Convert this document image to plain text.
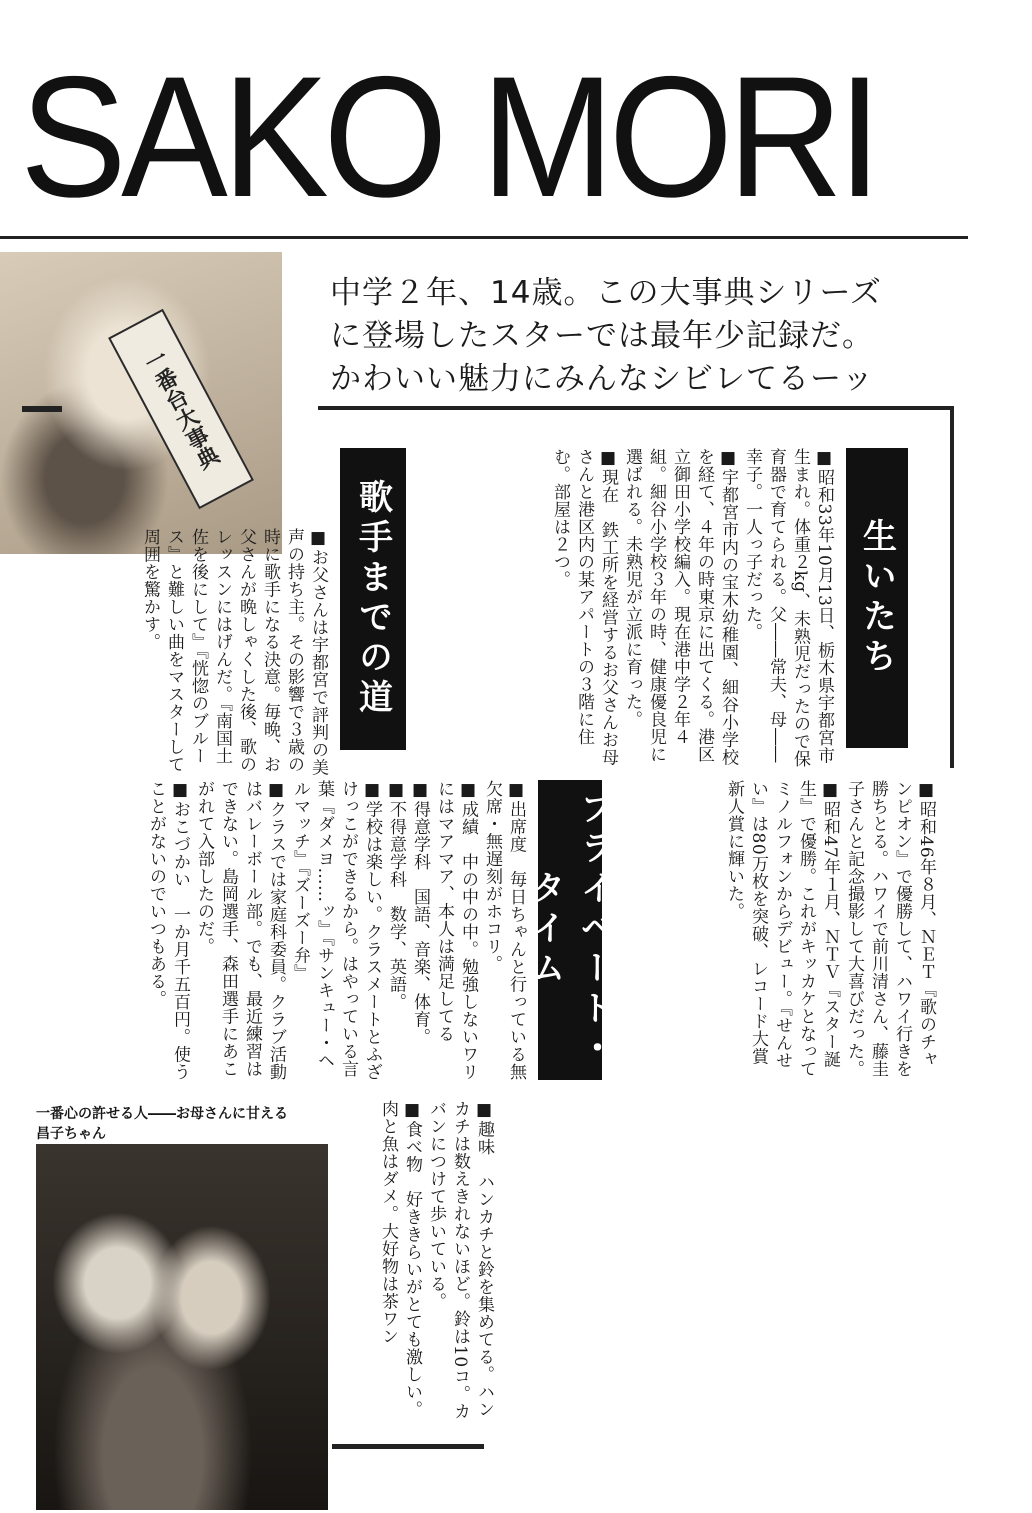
SAKO MORI
一番台大事典
中学２年、14歳。この大事典シリーズ
に登場したスターでは最年少記録だ。
かわいい魅力にみんなシビレてるーッ
生いたち

■昭和33年10月13日、栃木県宇都宮市生まれ。体重２kg、未熟児だったので保育器で育てられる。父――常夫、母――幸子。一人っ子だった。

■宇都宮市内の宝木幼稚園、細谷小学校を経て、４年の時東京に出てくる。港区立御田小学校編入。現在港中学２年４組。細谷小学校３年の時、健康優良児に選ばれる。未熟児が立派に育った。

■現在　鉄工所を経営するお父さんお母さんと港区内の某アパートの３階に住む。部屋は２つ。

歌手までの道

■お父さんは宇都宮で評判の美声の持ち主。その影響で３歳の時に歌手になる決意。毎晩、お父さんが晩しゃくした後、歌のレッスンにはげんだ。『南国土佐を後にして』『恍惚のブルース』と難しい曲をマスターして周囲を驚かす。

■昭和46年８月、ＮＥＴ『歌のチャンピオン』で優勝して、ハワイ行きを勝ちとる。ハワイで前川清さん、藤圭子さんと記念撮影して大喜びだった。

■昭和47年１月、ＮＴＶ『スター誕生』で優勝。これがキッカケとなってミノルフォンからデビュー。『せんせい』は80万枚を突破、レコード大賞新人賞に輝いた。

プライベート・タイム

■出席度　毎日ちゃんと行っている無欠席・無遅刻がホコリ。

■成績　中の中の中。勉強しないワリにはマアマア、本人は満足してる

■得意学科　国語、音楽、体育。

■不得意学科　数学、英語。

■学校は楽しい。クラスメートとふざけっこができるから。はやっている言葉『ダメヨ……ッ』『サンキュー・ヘルマッチ』『ズーズー弁』

■クラスでは家庭科委員。クラブ活動はバレーボール部。でも、最近練習はできない。島岡選手、森田選手にあこがれて入部したのだ。

■おこづかい　一か月千五百円。使うことがないのでいつもある。

一番心の許せる人――お母さんに甘える
昌子ちゃん	■趣味　ハンカチと鈴を集めてる。ハンカチは数えきれないほど。鈴は10コ。カバンにつけて歩いている。

■食べ物　好ききらいがとても激しい。肉と魚はダメ。大好物は茶ワン
